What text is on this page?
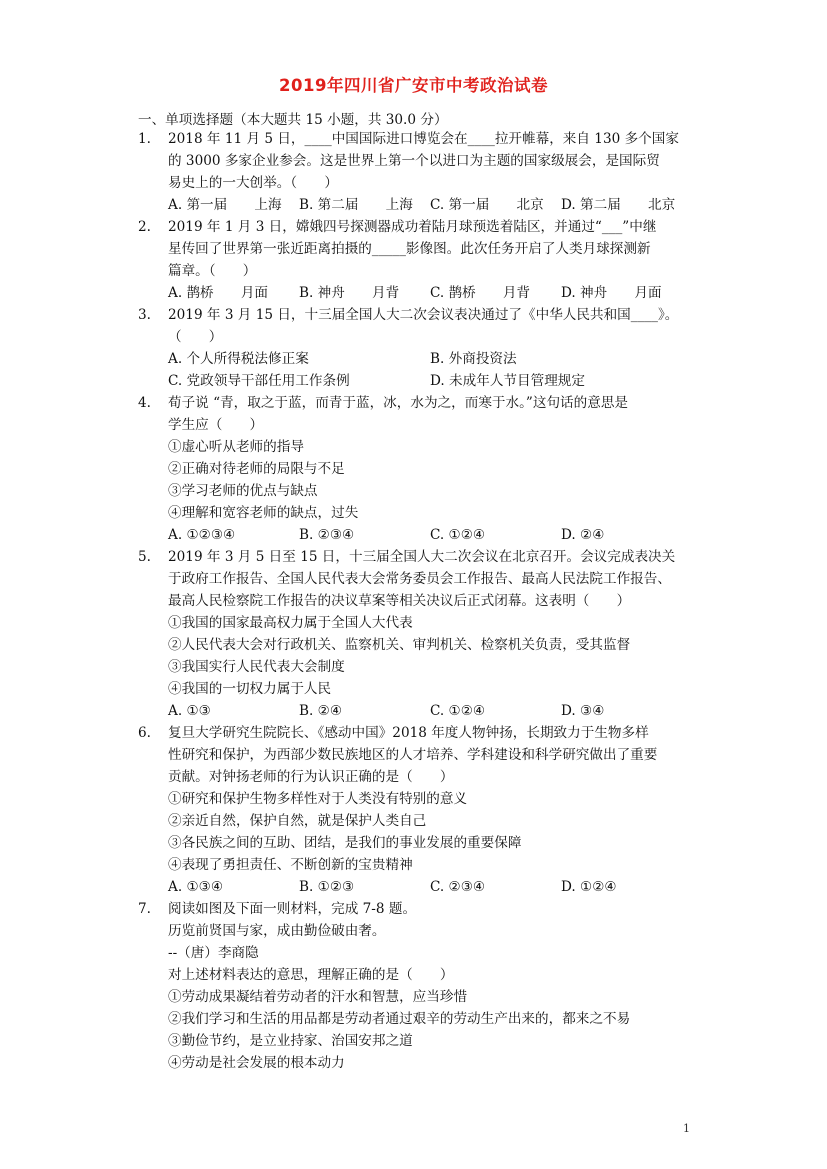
2019年四川省广安市中考政治试卷
一、单项选择题（本大题共 15 小题，共 30.0 分）
1. 2018 年 11 月 5 日，____中国国际进口博览会在____拉开帷幕，来自 130 多个国家
的 3000 多家企业参会。这是世界上第一个以进口为主题的国家级展会，是国际贸
易史上的一大创举。（　　）
A. 第一届　　上海	B. 第二届　　上海	C. 第一届　　北京	D. 第二届　　北京
2. 2019 年 1 月 3 日，嫦娥四号探测器成功着陆月球预选着陆区，并通过“___”中继
星传回了世界第一张近距离拍摄的_____影像图。此次任务开启了人类月球探测新
篇章。（　　）
A. 鹊桥　　月面	B. 神舟　　月背	C. 鹊桥　　月背	D. 神舟　　月面
3. 2019 年 3 月 15 日，十三届全国人大二次会议表决通过了《中华人民共和国____》。
（　　）
A. 个人所得税法修正案	B. 外商投资法
C. 党政领导干部任用工作条例	D. 未成年人节目管理规定
4. 荀子说 “青，取之于蓝，而青于蓝，冰，水为之，而寒于水。”这句话的意思是
学生应（　　）
①虚心听从老师的指导
②正确对待老师的局限与不足
③学习老师的优点与缺点
④理解和宽容老师的缺点，过失
A. ①②③④	B. ②③④	C. ①②④	D. ②④
5. 2019 年 3 月 5 日至 15 日，十三届全国人大二次会议在北京召开。会议完成表决关
于政府工作报告、全国人民代表大会常务委员会工作报告、最高人民法院工作报告、
最高人民检察院工作报告的决议草案等相关决议后正式闭幕。这表明（　　）
①我国的国家最高权力属于全国人大代表
②人民代表大会对行政机关、监察机关、审判机关、检察机关负责，受其监督
③我国实行人民代表大会制度
④我国的一切权力属于人民
A. ①③	B. ②④	C. ①②④	D. ③④
6. 复旦大学研究生院院长、《感动中国》2018 年度人物钟扬，长期致力于生物多样
性研究和保护，为西部少数民族地区的人才培养、学科建设和科学研究做出了重要
贡献。对钟扬老师的行为认识正确的是（　　）
①研究和保护生物多样性对于人类没有特别的意义
②亲近自然，保护自然，就是保护人类自己
③各民族之间的互助、团结，是我们的事业发展的重要保障
④表现了勇担责任、不断创新的宝贵精神
A. ①③④	B. ①②③	C. ②③④	D. ①②④
7. 阅读如图及下面一则材料，完成 7-8 题。
历览前贤国与家，成由勤俭破由奢。
--（唐）李商隐
对上述材料表达的意思，理解正确的是（　　）
①劳动成果凝结着劳动者的汗水和智慧，应当珍惜
②我们学习和生活的用品都是劳动者通过艰辛的劳动生产出来的，都来之不易
③勤俭节约，是立业持家、治国安邦之道
④劳动是社会发展的根本动力
1
